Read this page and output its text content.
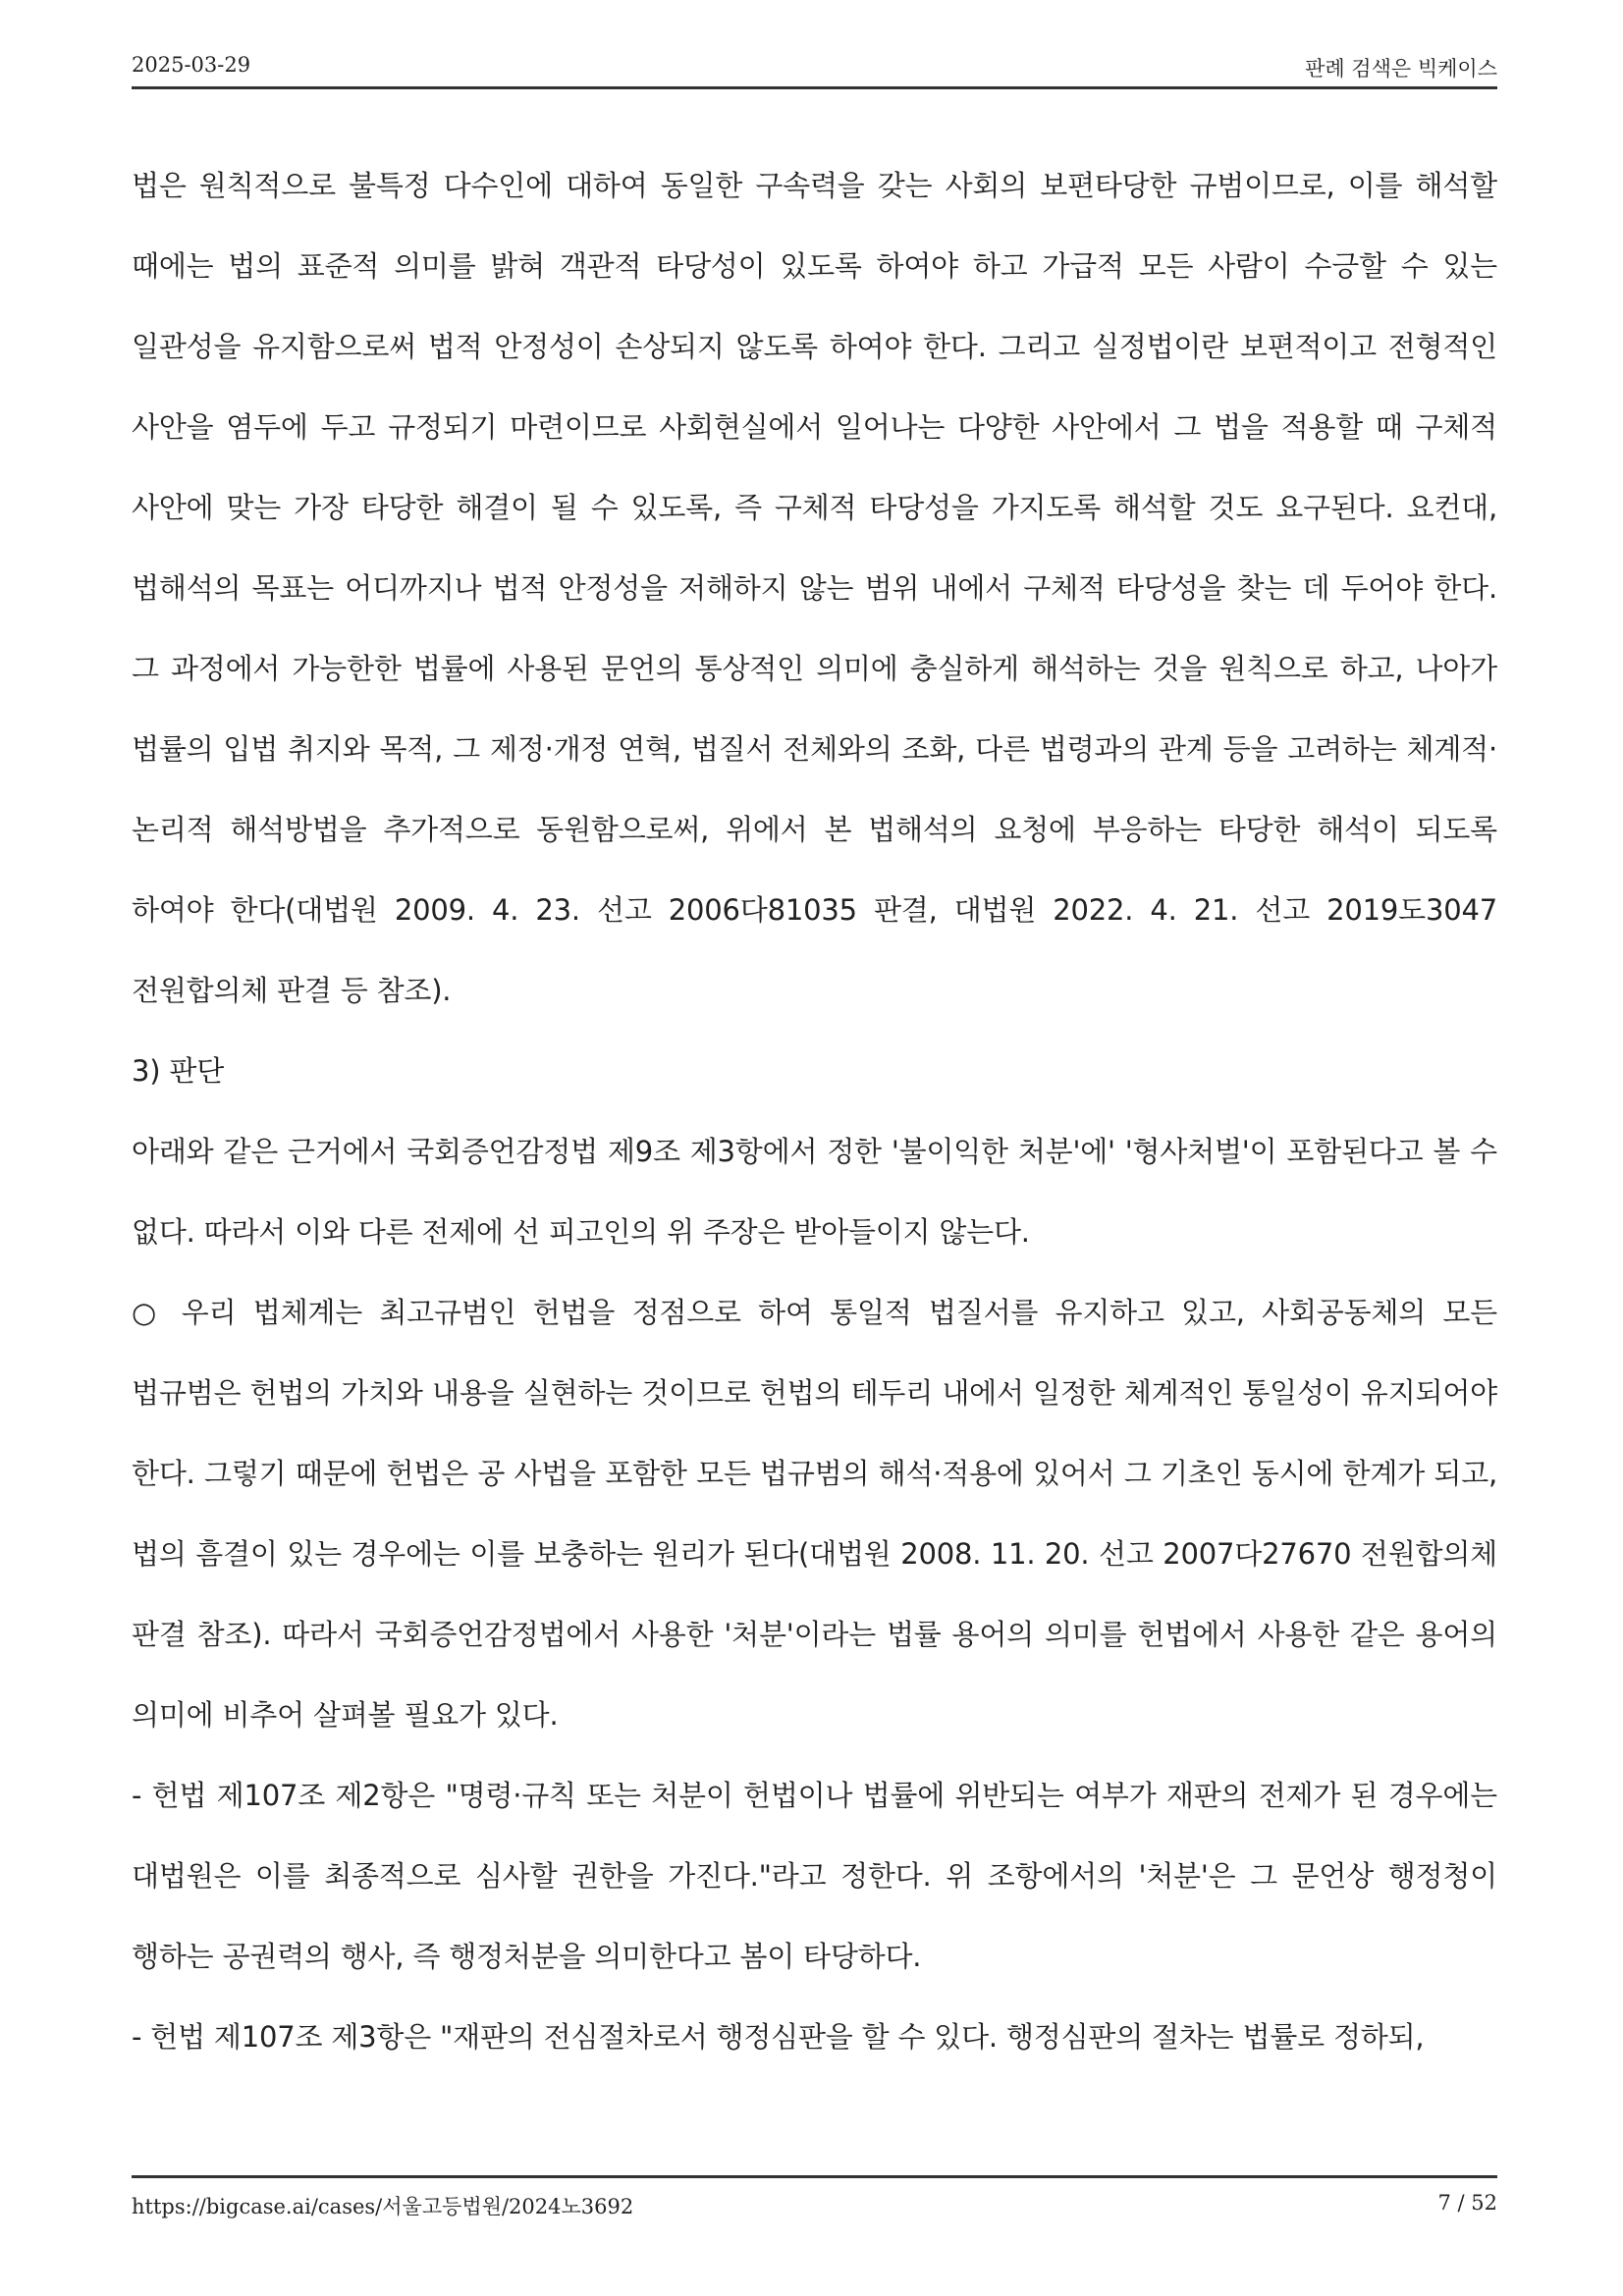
2025-03-29	판례 검색은 빅케이스

법은 원칙적으로 불특정 다수인에 대하여 동일한 구속력을 갖는 사회의 보편타당한 규범이므로, 이를 해석할 때에는 법의 표준적 의미를 밝혀 객관적 타당성이 있도록 하여야 하고 가급적 모든 사람이 수긍할 수 있는 일관성을 유지함으로써 법적 안정성이 손상되지 않도록 하여야 한다. 그리고 실정법이란 보편적이고 전형적인 사안을 염두에 두고 규정되기 마련이므로 사회현실에서 일어나는 다양한 사안에서 그 법을 적용할 때 구체적 사안에 맞는 가장 타당한 해결이 될 수 있도록, 즉 구체적 타당성을 가지도록 해석할 것도 요구된다. 요컨대, 법해석의 목표는 어디까지나 법적 안정성을 저해하지 않는 범위 내에서 구체적 타당성을 찾는 데 두어야 한다. 그 과정에서 가능한한 법률에 사용된 문언의 통상적인 의미에 충실하게 해석하는 것을 원칙으로 하고, 나아가 법률의 입법 취지와 목적, 그 제정·개정 연혁, 법질서 전체와의 조화, 다른 법령과의 관계 등을 고려하는 체계적·논리적 해석방법을 추가적으로 동원함으로써, 위에서 본 법해석의 요청에 부응하는 타당한 해석이 되도록 하여야 한다(대법원 2009. 4. 23. 선고 2006다81035 판결, 대법원 2022. 4. 21. 선고 2019도3047 전원합의체 판결 등 참조).

3) 판단

아래와 같은 근거에서 국회증언감정법 제9조 제3항에서 정한 '불이익한 처분'에' '형사처벌'이 포함된다고 볼 수 없다. 따라서 이와 다른 전제에 선 피고인의 위 주장은 받아들이지 않는다.

○ 우리 법체계는 최고규범인 헌법을 정점으로 하여 통일적 법질서를 유지하고 있고, 사회공동체의 모든 법규범은 헌법의 가치와 내용을 실현하는 것이므로 헌법의 테두리 내에서 일정한 체계적인 통일성이 유지되어야 한다. 그렇기 때문에 헌법은 공 사법을 포함한 모든 법규범의 해석·적용에 있어서 그 기초인 동시에 한계가 되고, 법의 흠결이 있는 경우에는 이를 보충하는 원리가 된다(대법원 2008. 11. 20. 선고 2007다27670 전원합의체 판결 참조). 따라서 국회증언감정법에서 사용한 '처분'이라는 법률 용어의 의미를 헌법에서 사용한 같은 용어의 의미에 비추어 살펴볼 필요가 있다.

- 헌법 제107조 제2항은 "명령·규칙 또는 처분이 헌법이나 법률에 위반되는 여부가 재판의 전제가 된 경우에는 대법원은 이를 최종적으로 심사할 권한을 가진다."라고 정한다. 위 조항에서의 '처분'은 그 문언상 행정청이 행하는 공권력의 행사, 즉 행정처분을 의미한다고 봄이 타당하다.

- 헌법 제107조 제3항은 "재판의 전심절차로서 행정심판을 할 수 있다. 행정심판의 절차는 법률로 정하되,

https://bigcase.ai/cases/서울고등법원/2024노3692	7 / 52
